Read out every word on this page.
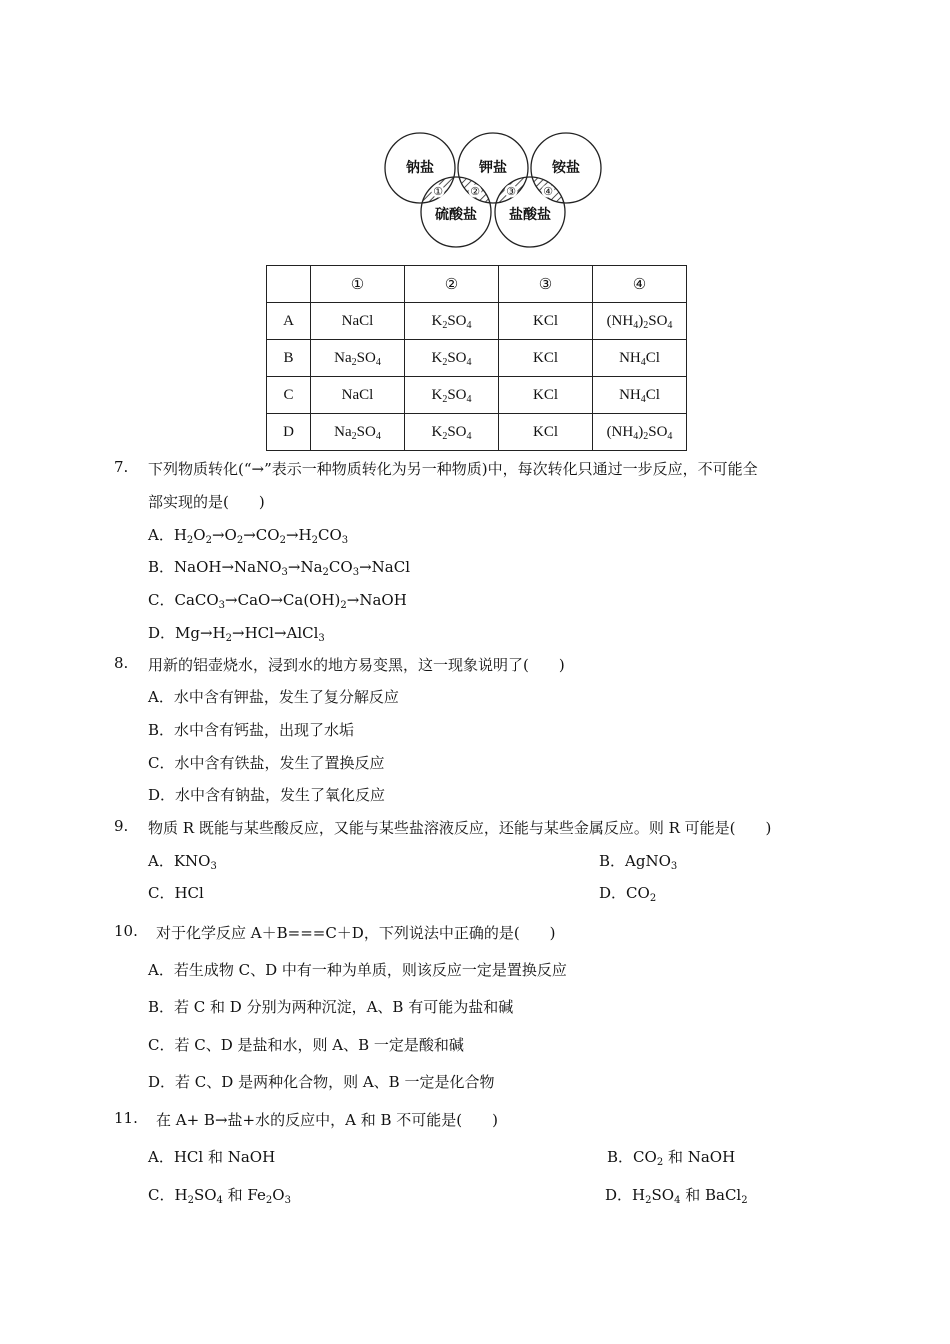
钠盐	钾盐	铵盐
硫酸盐 盐酸盐
① ② ③ ④
	①	②	③	④
A	NaCl	$K_2SO_4$	KCl	$(NH_4)_2SO_4$
B	$Na_2SO_4$	$K_2SO_4$	KCl	$NH_4Cl$
C	NaCl	$K_2SO_4$	KCl	$NH_4Cl$
D	$Na_2SO_4$	$K_2SO_4$	KCl	$(NH_4)_2SO_4$
7. 下列物质转化(“→”表示一种物质转化为另一种物质)中，每次转化只通过一步反应，不可能全
部实现的是(　　)
A．$H_2O_2\to O_2\to CO_2\to H_2CO_3$
B．$NaOH\to NaNO_3\to Na_2CO_3\to NaCl$
C．$CaCO_3\to CaO\to Ca(OH)_2\to NaOH$
D．$Mg\to H_2\to HCl\to AlCl_3$
8. 用新的铝壶烧水，浸到水的地方易变黑，这一现象说明了(　　)
A．水中含有钾盐，发生了复分解反应
B．水中含有钙盐，出现了水垢
C．水中含有铁盐，发生了置换反应
D．水中含有钠盐，发生了氧化反应
9. 物质 R 既能与某些酸反应，又能与某些盐溶液反应，还能与某些金属反应。则 R 可能是(　　)
A．$KNO_3$	B．AgNO$_3$
C．HCl	D．$CO_2$
10. 对于化学反应 A＋B===C＋D，下列说法中正确的是(　　)
A．若生成物 C、D 中有一种为单质，则该反应一定是置换反应
B．若 C 和 D 分别为两种沉淀，A、B 有可能为盐和碱
C．若 C、D 是盐和水，则 A、B 一定是酸和碱
D．若 C、D 是两种化合物，则 A、B 一定是化合物
11. 在 A+ B→盐+水的反应中，A 和 B 不可能是(　　)
A．HCl 和 NaOH	B．$CO_2$ 和 NaOH
C．$H_2SO_4$ 和 $Fe_2O_3$	D．$H_2SO_4$ 和 BaCl$_2$
